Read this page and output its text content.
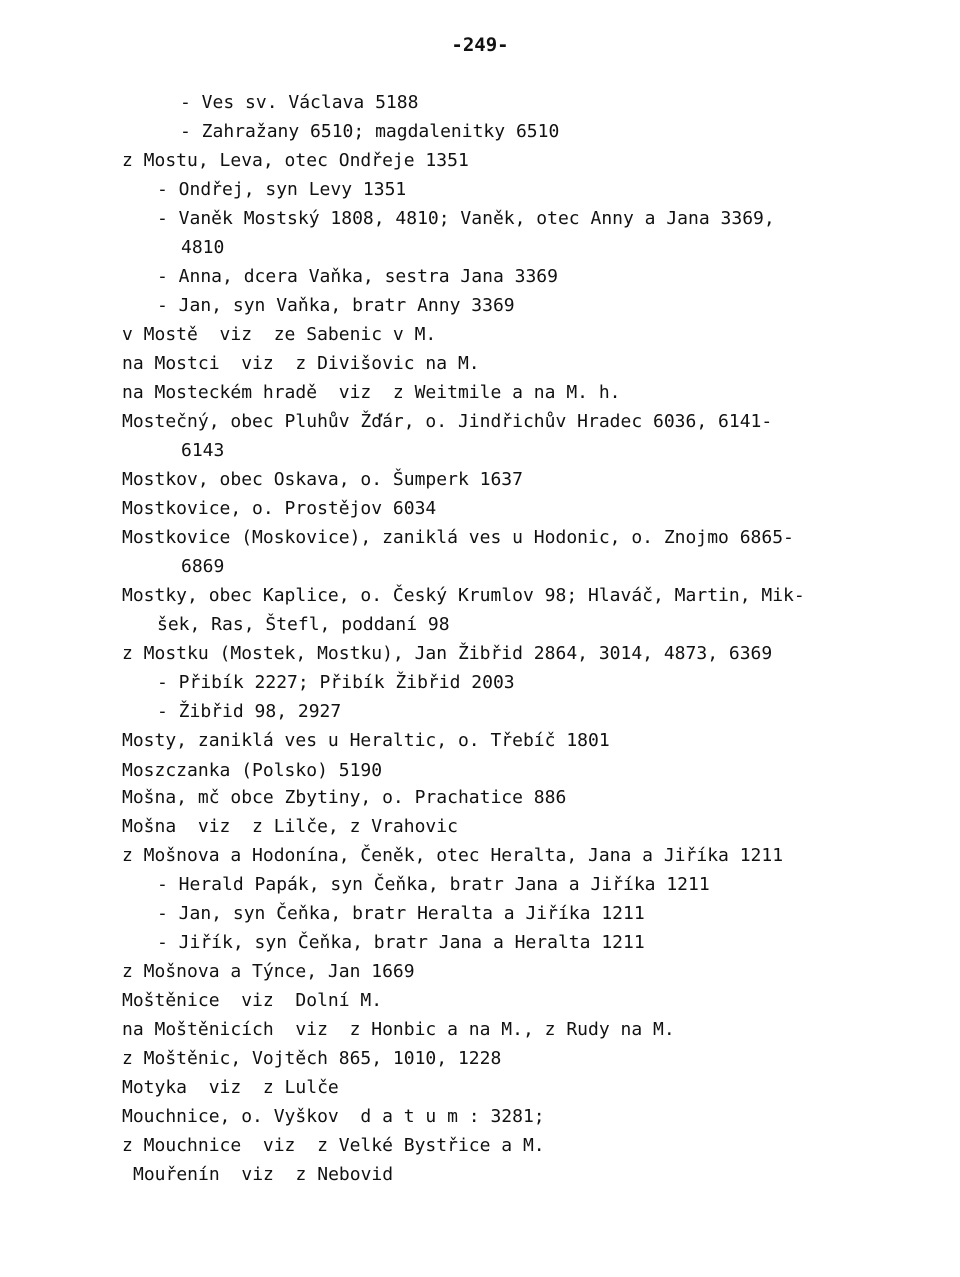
-249-
- Ves sv. Václava 5188
- Zahražany 6510; magdalenitky 6510
z Mostu, Leva, otec Ondřeje 1351
- Ondřej, syn Levy 1351
- Vaněk Mostský 1808, 4810; Vaněk, otec Anny a Jana 3369,
4810
- Anna, dcera Vaňka, sestra Jana 3369
- Jan, syn Vaňka, bratr Anny 3369
v Mostě  viz  ze Sabenic v M.
na Mostci  viz  z Divišovic na M.
na Mosteckém hradě  viz  z Weitmile a na M. h.
Mostečný, obec Pluhův Žďár, o. Jindřichův Hradec 6036, 6141-
6143
Mostkov, obec Oskava, o. Šumperk 1637
Mostkovice, o. Prostějov 6034
Mostkovice (Moskovice), zaniklá ves u Hodonic, o. Znojmo 6865-
6869
Mostky, obec Kaplice, o. Český Krumlov 98; Hlaváč, Martin, Mik-
šek, Ras, Štefl, poddaní 98
z Mostku (Mostek, Mostku), Jan Žibřid 2864, 3014, 4873, 6369
- Přibík 2227; Přibík Žibřid 2003
- Žibřid 98, 2927
Mosty, zaniklá ves u Heraltic, o. Třebíč 1801
Moszczanka (Polsko) 5190
Mošna, mč obce Zbytiny, o. Prachatice 886
Mošna  viz  z Lilče, z Vrahovic
z Mošnova a Hodonína, Čeněk, otec Heralta, Jana a Jiříka 1211
- Herald Papák, syn Čeňka, bratr Jana a Jiříka 1211
- Jan, syn Čeňka, bratr Heralta a Jiříka 1211
- Jiřík, syn Čeňka, bratr Jana a Heralta 1211
z Mošnova a Týnce, Jan 1669
Moštěnice  viz  Dolní M.
na Moštěnicích  viz  z Honbic a na M., z Rudy na M.
z Moštěnic, Vojtěch 865, 1010, 1228
Motyka  viz  z Lulče
Mouchnice, o. Vyškov  d a t u m : 3281;
z Mouchnice  viz  z Velké Bystřice a M.
Mouřenín  viz  z Nebovid
